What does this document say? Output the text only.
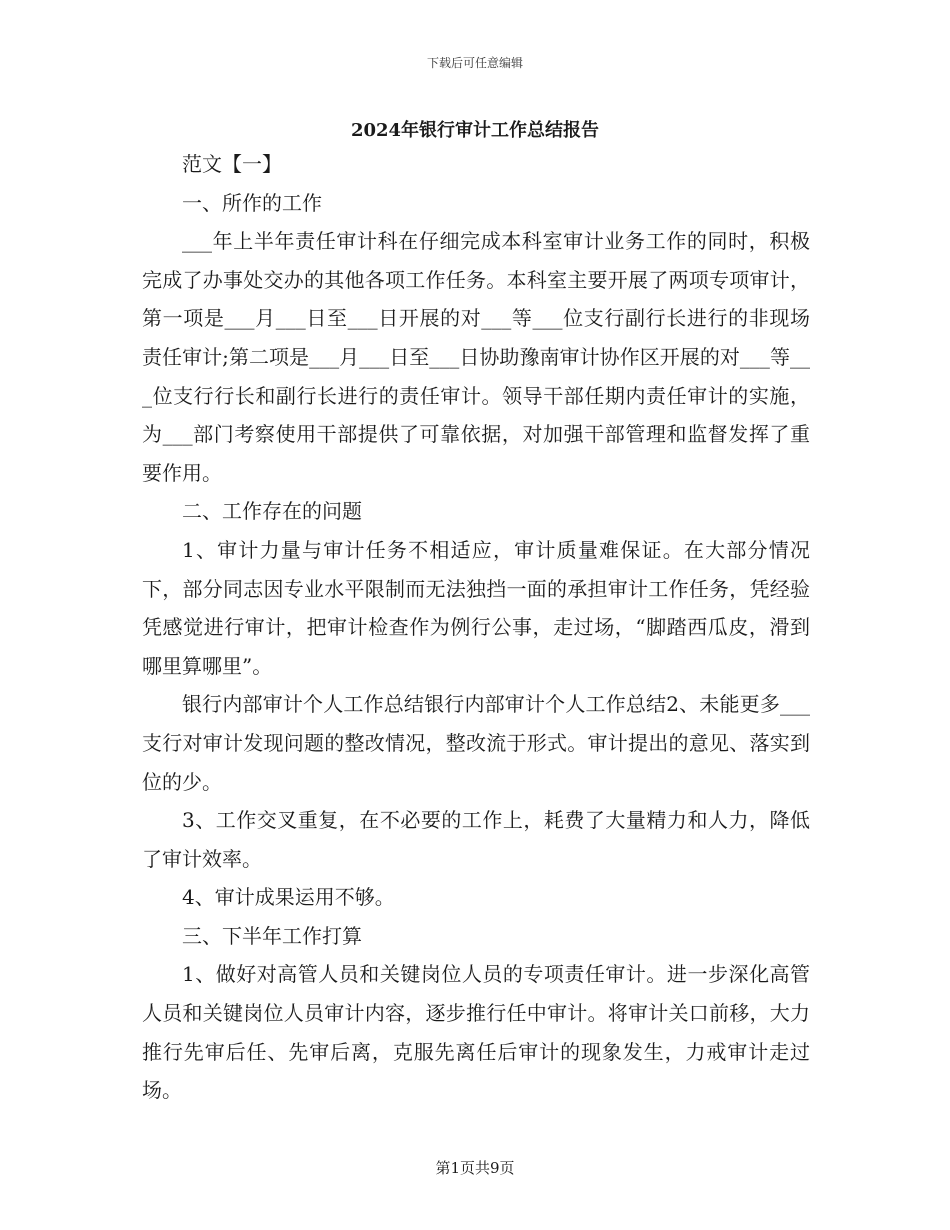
下载后可任意编辑
2024年银行审计工作总结报告

范文【一】

一、所作的工作

___年上半年责任审计科在仔细完成本科室审计业务工作的同时，积极完成了办事处交办的其他各项工作任务。本科室主要开展了两项专项审计，第一项是___月___日至___日开展的对___等___位支行副行长进行的非现场责任审计;第二项是___月___日至___日协助豫南审计协作区开展的对___等___位支行行长和副行长进行的责任审计。领导干部任期内责任审计的实施，为___部门考察使用干部提供了可靠依据，对加强干部管理和监督发挥了重要作用。

二、工作存在的问题

1、审计力量与审计任务不相适应，审计质量难保证。在大部分情况下，部分同志因专业水平限制而无法独挡一面的承担审计工作任务，凭经验凭感觉进行审计，把审计检查作为例行公事，走过场，“脚踏西瓜皮，滑到哪里算哪里”。

银行内部审计个人工作总结银行内部审计个人工作总结2、未能更多___支行对审计发现问题的整改情况，整改流于形式。审计提出的意见、落实到位的少。

3、工作交叉重复，在不必要的工作上，耗费了大量精力和人力，降低了审计效率。

4、审计成果运用不够。

三、下半年工作打算

1、做好对高管人员和关键岗位人员的专项责任审计。进一步深化高管人员和关键岗位人员审计内容，逐步推行任中审计。将审计关口前移，大力推行先审后任、先审后离，克服先离任后审计的现象发生，力戒审计走过场。

第1页共9页
